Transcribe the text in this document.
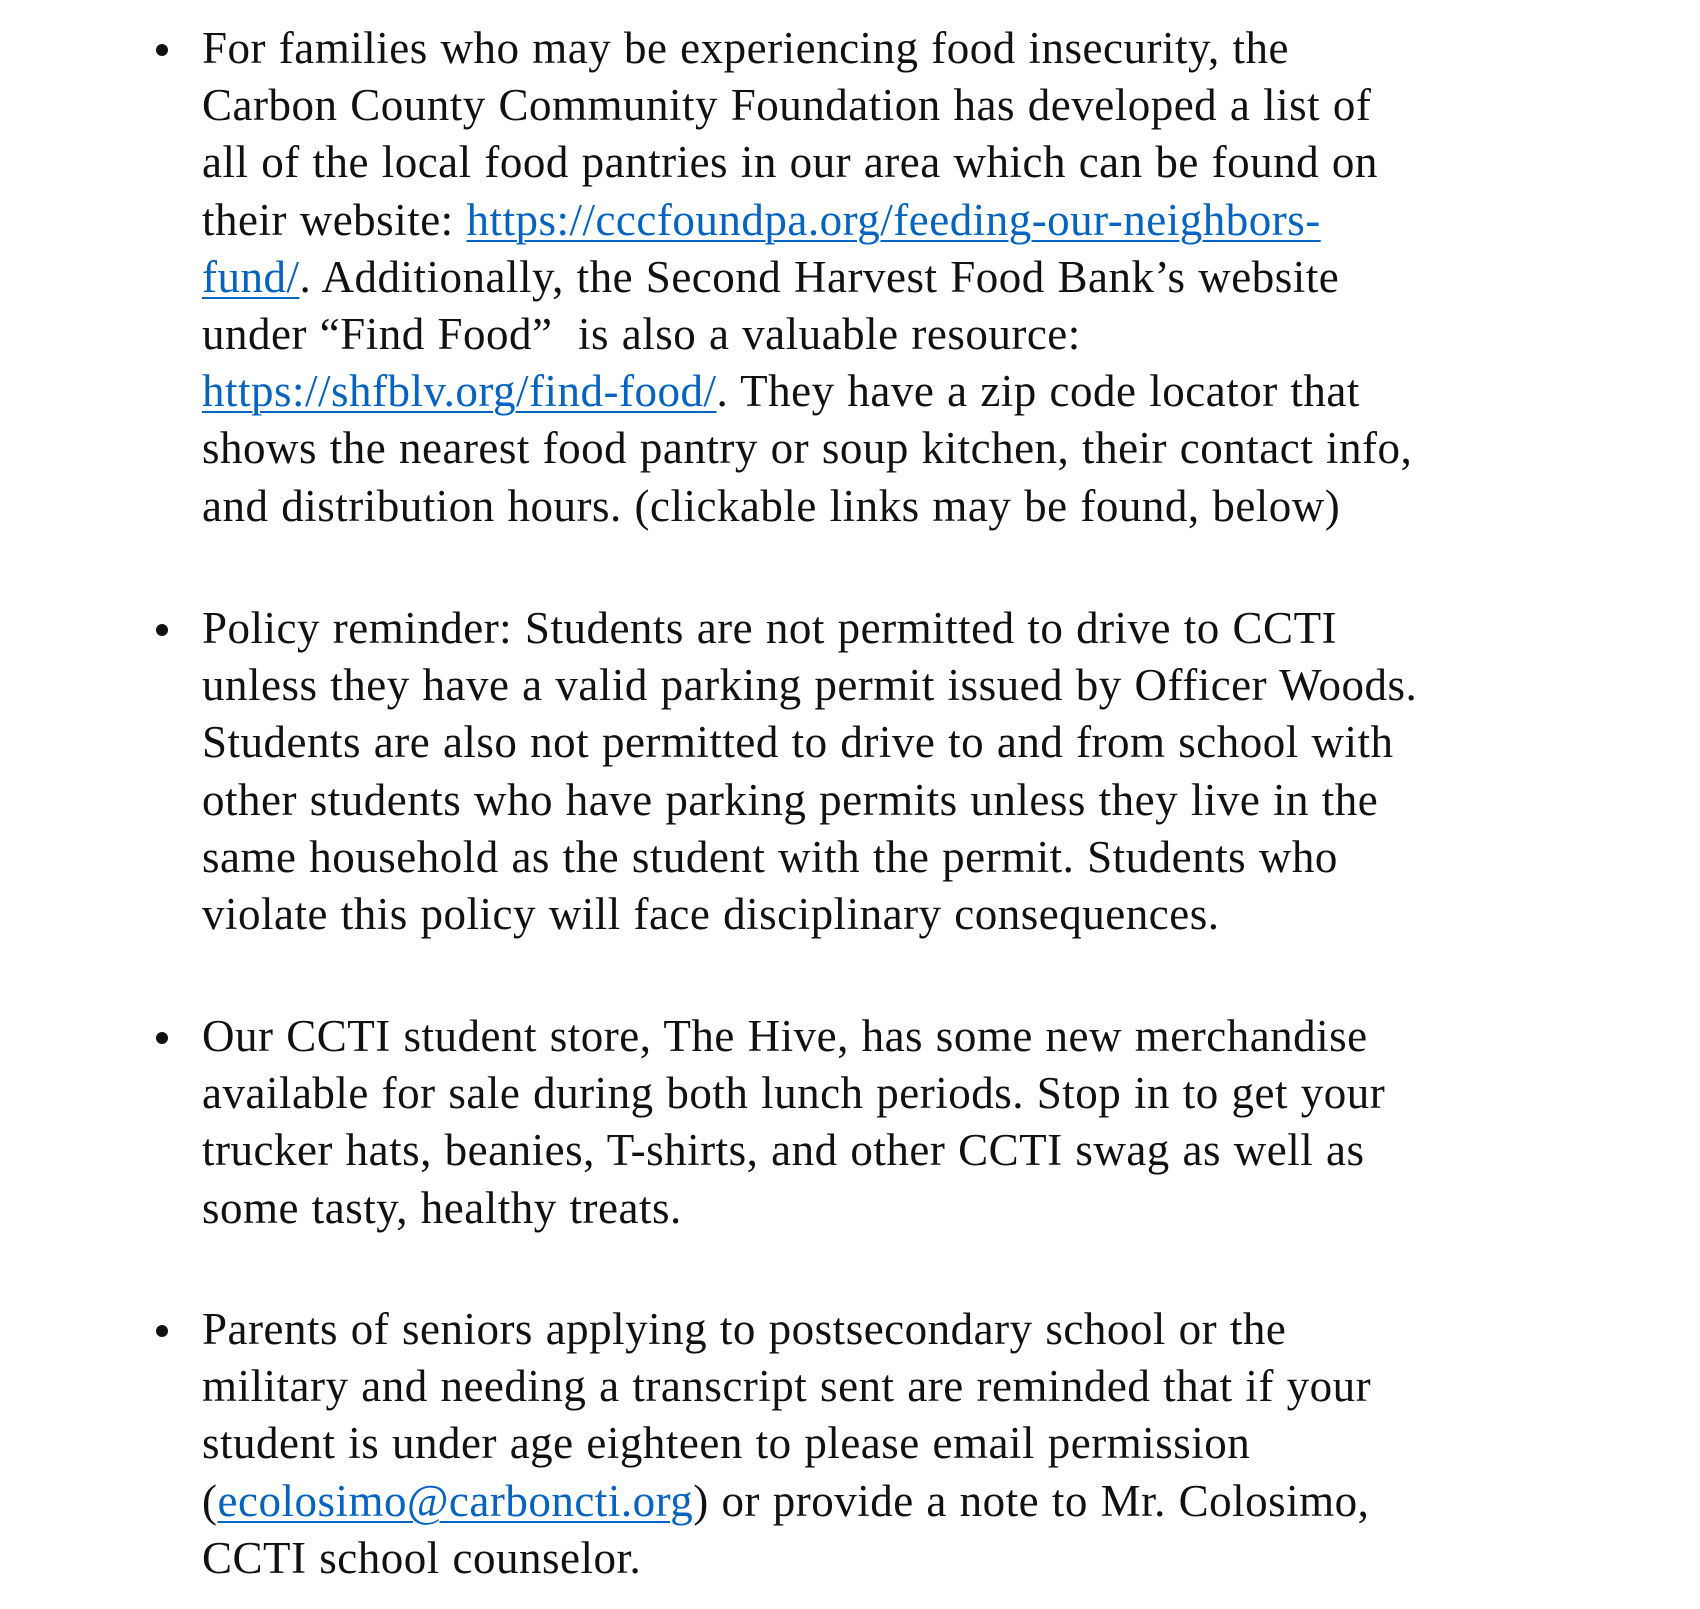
For families who may be experiencing food insecurity, the
Carbon County Community Foundation has developed a list of
all of the local food pantries in our area which can be found on
their website: https://cccfoundpa.org/feeding-our-neighbors-
fund/. Additionally, the Second Harvest Food Bank’s website
under “Find Food”  is also a valuable resource:
https://shfblv.org/find-food/. They have a zip code locator that
shows the nearest food pantry or soup kitchen, their contact info,
and distribution hours. (clickable links may be found, below)
Policy reminder: Students are not permitted to drive to CCTI
unless they have a valid parking permit issued by Officer Woods.
Students are also not permitted to drive to and from school with
other students who have parking permits unless they live in the
same household as the student with the permit. Students who
violate this policy will face disciplinary consequences.
Our CCTI student store, The Hive, has some new merchandise
available for sale during both lunch periods. Stop in to get your
trucker hats, beanies, T-shirts, and other CCTI swag as well as
some tasty, healthy treats.
Parents of seniors applying to postsecondary school or the
military and needing a transcript sent are reminded that if your
student is under age eighteen to please email permission
(ecolosimo@carboncti.org) or provide a note to Mr. Colosimo,
CCTI school counselor.
